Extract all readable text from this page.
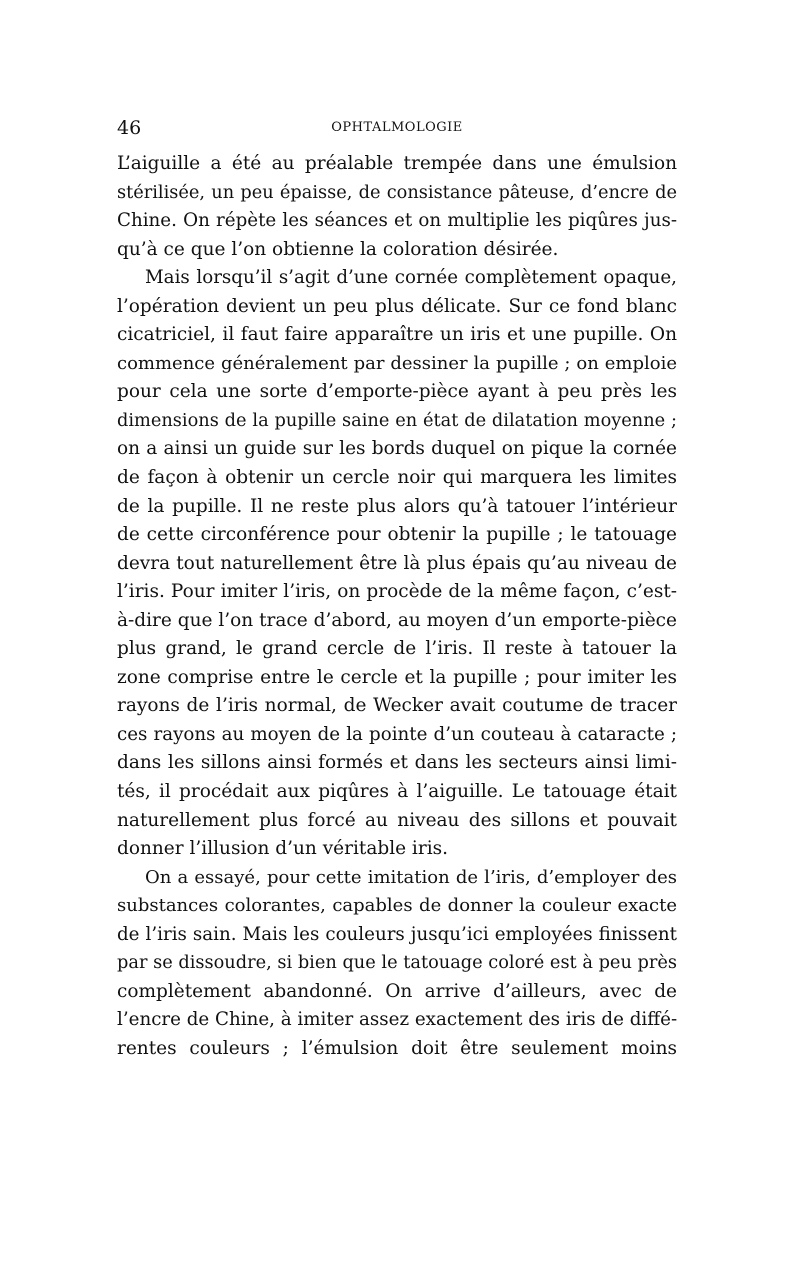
46	OPHTALMOLOGIE
L’aiguille a été au préalable trempée dans une émulsion
stérilisée, un peu épaisse, de consistance pâteuse, d’encre de
Chine. On répète les séances et on multiplie les piqûres jus-
qu’à ce que l’on obtienne la coloration désirée.
Mais lorsqu’il s’agit d’une cornée complètement opaque,
l’opération devient un peu plus délicate. Sur ce fond blanc
cicatriciel, il faut faire apparaître un iris et une pupille. On
commence généralement par dessiner la pupille ; on emploie
pour cela une sorte d’emporte-pièce ayant à peu près les
dimensions de la pupille saine en état de dilatation moyenne ;
on a ainsi un guide sur les bords duquel on pique la cornée
de façon à obtenir un cercle noir qui marquera les limites
de la pupille. Il ne reste plus alors qu’à tatouer l’intérieur
de cette circonférence pour obtenir la pupille ; le tatouage
devra tout naturellement être là plus épais qu’au niveau de
l’iris. Pour imiter l’iris, on procède de la même façon, c’est-
à-dire que l’on trace d’abord, au moyen d’un emporte-pièce
plus grand, le grand cercle de l’iris. Il reste à tatouer la
zone comprise entre le cercle et la pupille ; pour imiter les
rayons de l’iris normal, de Wecker avait coutume de tracer
ces rayons au moyen de la pointe d’un couteau à cataracte ;
dans les sillons ainsi formés et dans les secteurs ainsi limi-
tés, il procédait aux piqûres à l’aiguille. Le tatouage était
naturellement plus forcé au niveau des sillons et pouvait
donner l’illusion d’un véritable iris.
On a essayé, pour cette imitation de l’iris, d’employer des
substances colorantes, capables de donner la couleur exacte
de l’iris sain. Mais les couleurs jusqu’ici employées finissent
par se dissoudre, si bien que le tatouage coloré est à peu près
complètement abandonné. On arrive d’ailleurs, avec de
l’encre de Chine, à imiter assez exactement des iris de diffé-
rentes couleurs ; l’émulsion doit être seulement moins
